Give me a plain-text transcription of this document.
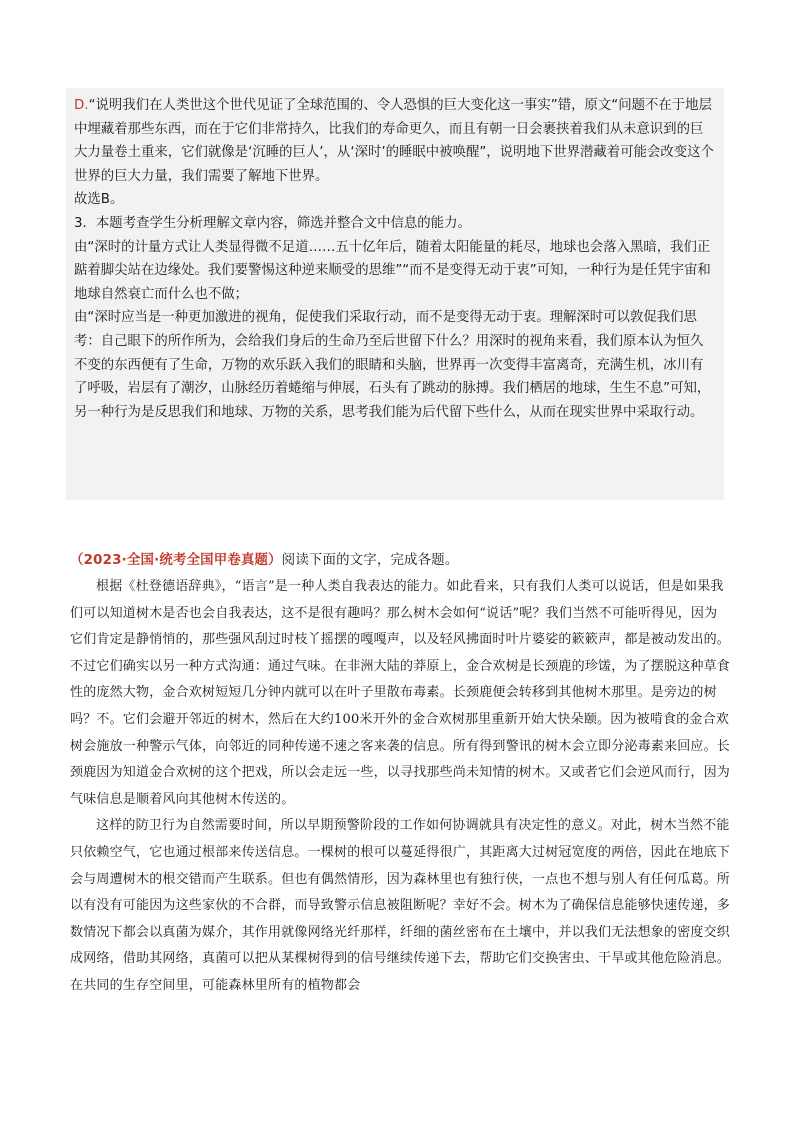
D.“说明我们在人类世这个世代见证了全球范围的、令人恐惧的巨大变化这一事实”错，原文“问题不在于地层中埋藏着那些东西，而在于它们非常持久，比我们的寿命更久，而且有朝一日会裹挟着我们从未意识到的巨大力量卷土重来，它们就像是‘沉睡的巨人’，从‘深时’的睡眠中被唤醒”，说明地下世界潜藏着可能会改变这个世界的巨大力量，我们需要了解地下世界。

故选B。

3．本题考查学生分析理解文章内容，筛选并整合文中信息的能力。

由“深时的计量方式让人类显得微不足道……五十亿年后，随着太阳能量的耗尽，地球也会落入黑暗，我们正踮着脚尖站在边缘处。我们要警惕这种逆来顺受的思维”“而不是变得无动于衷”可知，一种行为是任凭宇宙和地球自然衰亡而什么也不做；

由“深时应当是一种更加激进的视角，促使我们采取行动，而不是变得无动于衷。理解深时可以敦促我们思考：自己眼下的所作所为，会给我们身后的生命乃至后世留下什么？用深时的视角来看，我们原本认为恒久不变的东西便有了生命，万物的欢乐跃入我们的眼睛和头脑，世界再一次变得丰富离奇，充满生机，冰川有了呼吸，岩层有了潮汐，山脉经历着蜷缩与伸展，石头有了跳动的脉搏。我们栖居的地球，生生不息”可知，另一种行为是反思我们和地球、万物的关系，思考我们能为后代留下些什么，从而在现实世界中采取行动。

（2023·全国·统考全国甲卷真题）阅读下面的文字，完成各题。

根据《杜登德语辞典》，“语言”是一种人类自我表达的能力。如此看来，只有我们人类可以说话，但是如果我们可以知道树木是否也会自我表达，这不是很有趣吗？那么树木会如何“说话”呢？我们当然不可能听得见，因为它们肯定是静悄悄的，那些强风刮过时枝丫摇摆的嘎嘎声，以及轻风拂面时叶片婆娑的簌簌声，都是被动发出的。不过它们确实以另一种方式沟通：通过气味。在非洲大陆的莽原上，金合欢树是长颈鹿的珍馐，为了摆脱这种草食性的庞然大物，金合欢树短短几分钟内就可以在叶子里散布毒素。长颈鹿便会转移到其他树木那里。是旁边的树吗？不。它们会避开邻近的树木，然后在大约100米开外的金合欢树那里重新开始大快朵颐。因为被啃食的金合欢树会施放一种警示气体，向邻近的同种传递不速之客来袭的信息。所有得到警讯的树木会立即分泌毒素来回应。长颈鹿因为知道金合欢树的这个把戏，所以会走远一些，以寻找那些尚未知情的树木。又或者它们会逆风而行，因为气味信息是顺着风向其他树木传送的。

这样的防卫行为自然需要时间，所以早期预警阶段的工作如何协调就具有决定性的意义。对此，树木当然不能只依赖空气，它也通过根部来传送信息。一棵树的根可以蔓延得很广，其距离大过树冠宽度的两倍，因此在地底下会与周遭树木的根交错而产生联系。但也有偶然情形，因为森林里也有独行侠，一点也不想与别人有任何瓜葛。所以有没有可能因为这些家伙的不合群，而导致警示信息被阻断呢？幸好不会。树木为了确保信息能够快速传递，多数情况下都会以真菌为媒介，其作用就像网络光纤那样，纤细的菌丝密布在土壤中，并以我们无法想象的密度交织成网络，借助其网络，真菌可以把从某棵树得到的信号继续传递下去，帮助它们交换害虫、干旱或其他危险消息。在共同的生存空间里，可能森林里所有的植物都会
